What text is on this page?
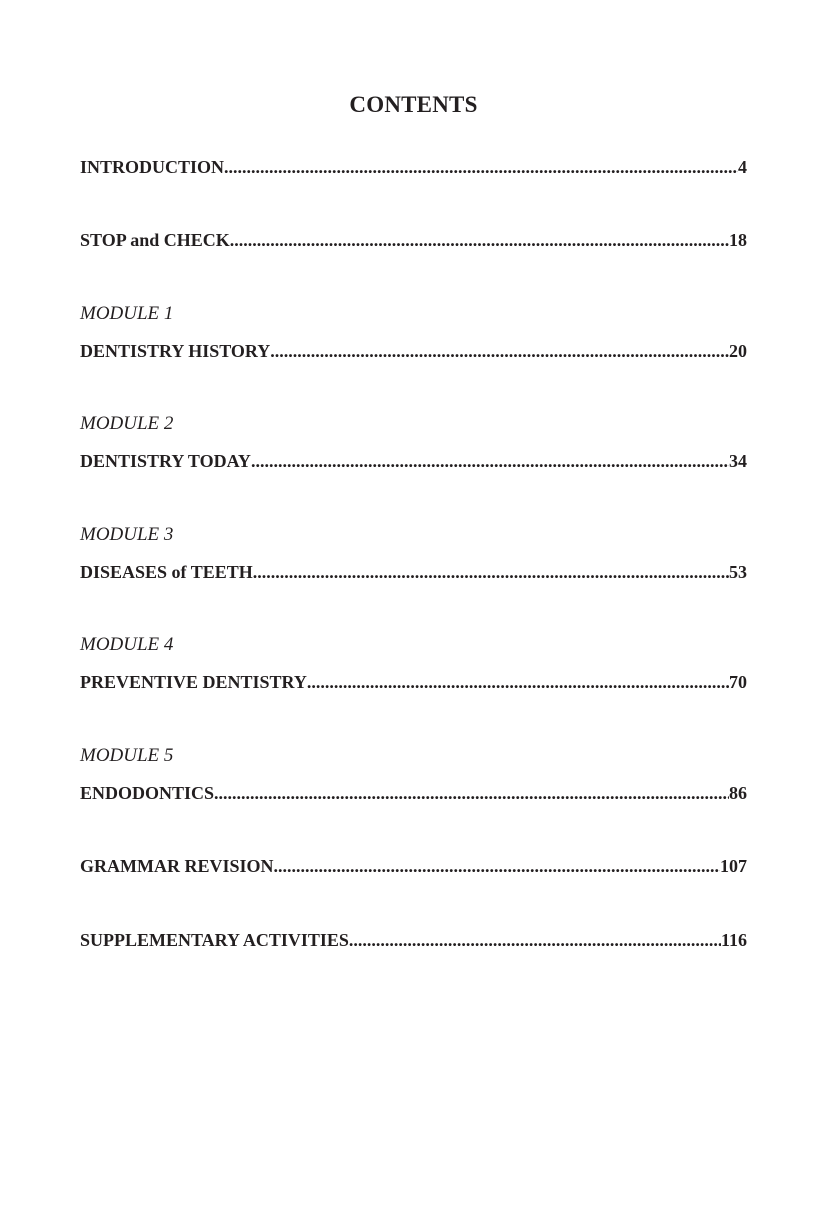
CONTENTS
INTRODUCTION .....	4
STOP and CHECK .....	18
MODULE 1
DENTISTRY HISTORY .....	20
MODULE 2
DENTISTRY TODAY .....	34
MODULE 3
DISEASES of TEETH .....	53
MODULE 4
PREVENTIVE DENTISTRY .....	70
MODULE 5
ENDODONTICS .....	86
GRAMMAR REVISION .....	107
SUPPLEMENTARY ACTIVITIES .....	116
